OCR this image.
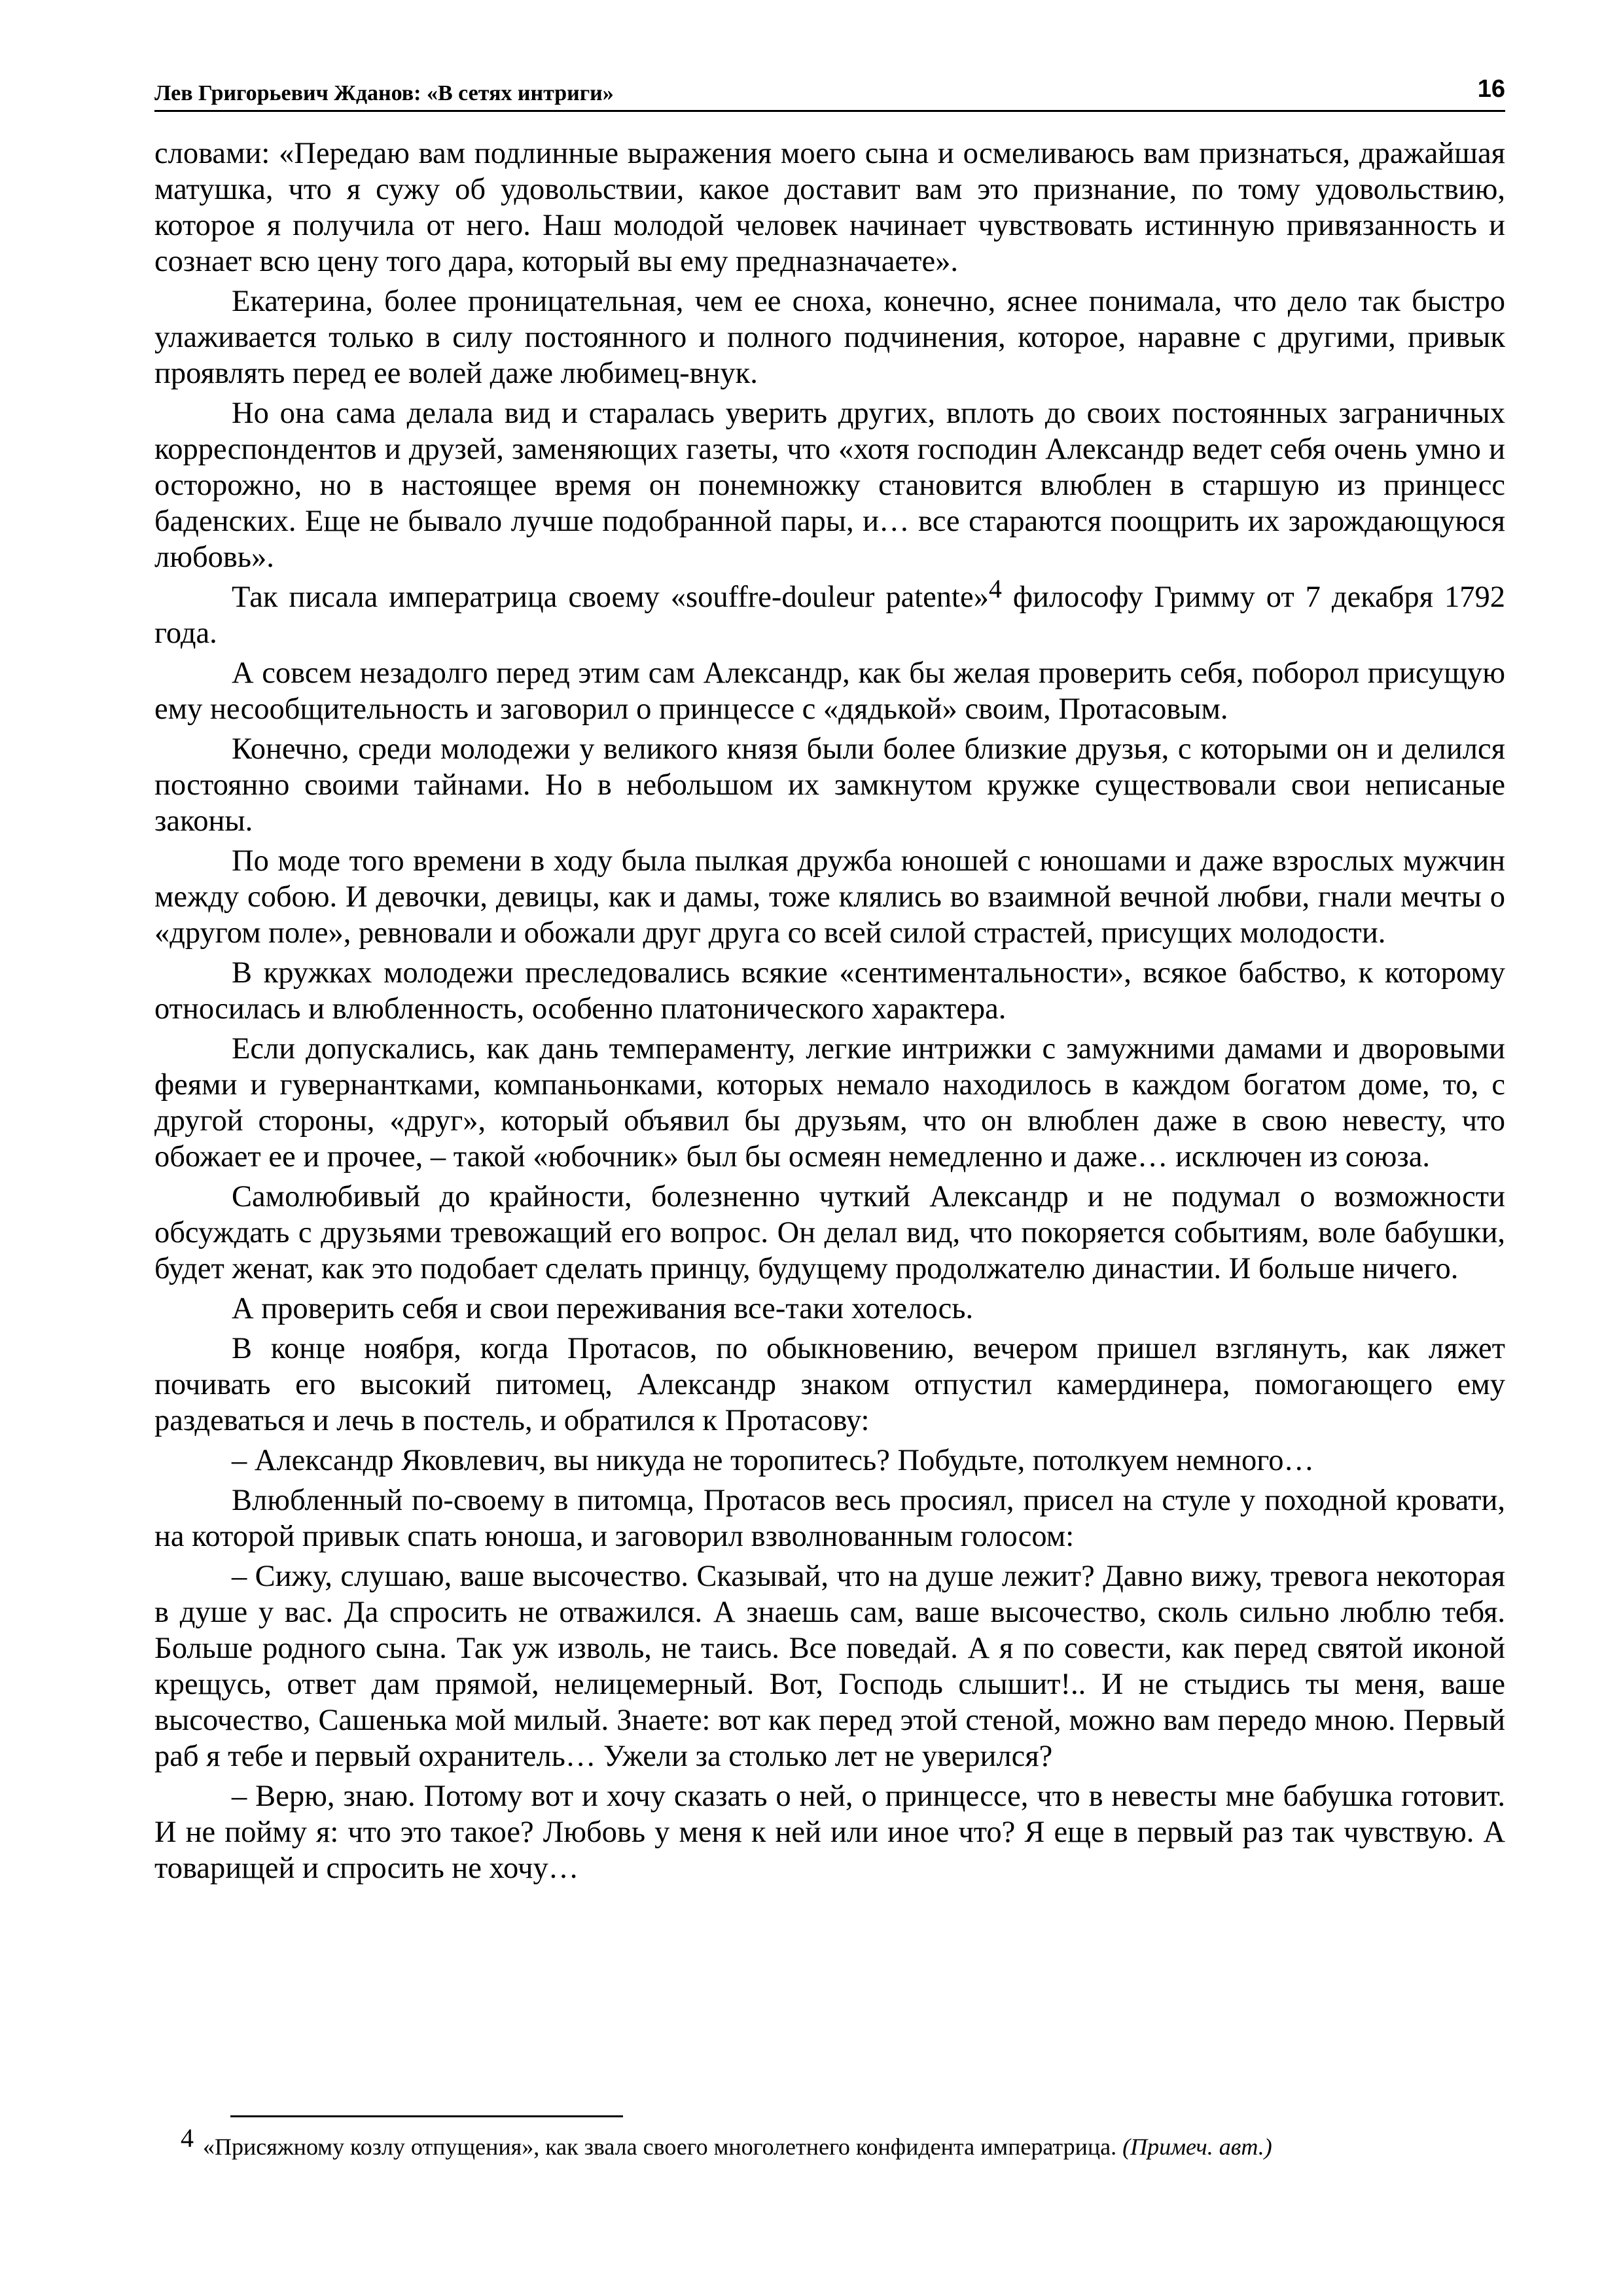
Лев Григорьевич Жданов: «В сетях интриги»	16

словами: «Передаю вам подлинные выражения моего сына и осмеливаюсь вам признаться, дражайшая матушка, что я сужу об удовольствии, какое доставит вам это признание, по тому удовольствию, которое я получила от него. Наш молодой человек начинает чувствовать истинную привязанность и сознает всю цену того дара, который вы ему предназначаете».

Екатерина, более проницательная, чем ее сноха, конечно, яснее понимала, что дело так быстро улаживается только в силу постоянного и полного подчинения, которое, наравне с другими, привык проявлять перед ее волей даже любимец-внук.

Но она сама делала вид и старалась уверить других, вплоть до своих постоянных заграничных корреспондентов и друзей, заменяющих газеты, что «хотя господин Александр ведет себя очень умно и осторожно, но в настоящее время он понемножку становится влюблен в старшую из принцесс баденских. Еще не бывало лучше подобранной пары, и… все стараются поощрить их зарождающуюся любовь».

Так писала императрица своему «souffre-douleur patente»$^4$ философу Гримму от 7 декабря 1792 года.

А совсем незадолго перед этим сам Александр, как бы желая проверить себя, поборол присущую ему несообщительность и заговорил о принцессе с «дядькой» своим, Протасовым.

Конечно, среди молодежи у великого князя были более близкие друзья, с которыми он и делился постоянно своими тайнами. Но в небольшом их замкнутом кружке существовали свои неписаные законы.

По моде того времени в ходу была пылкая дружба юношей с юношами и даже взрослых мужчин между собою. И девочки, девицы, как и дамы, тоже клялись во взаимной вечной любви, гнали мечты о «другом поле», ревновали и обожали друг друга со всей силой страстей, присущих молодости.

В кружках молодежи преследовались всякие «сентиментальности», всякое бабство, к которому относилась и влюбленность, особенно платонического характера.

Если допускались, как дань темпераменту, легкие интрижки с замужними дамами и дворовыми феями и гувернантками, компаньонками, которых немало находилось в каждом богатом доме, то, с другой стороны, «друг», который объявил бы друзьям, что он влюблен даже в свою невесту, что обожает ее и прочее, – такой «юбочник» был бы осмеян немедленно и даже… исключен из союза.

Самолюбивый до крайности, болезненно чуткий Александр и не подумал о возможности обсуждать с друзьями тревожащий его вопрос. Он делал вид, что покоряется событиям, воле бабушки, будет женат, как это подобает сделать принцу, будущему продолжателю династии. И больше ничего.

А проверить себя и свои переживания все-таки хотелось.

В конце ноября, когда Протасов, по обыкновению, вечером пришел взглянуть, как ляжет почивать его высокий питомец, Александр знаком отпустил камердинера, помогающего ему раздеваться и лечь в постель, и обратился к Протасову:

– Александр Яковлевич, вы никуда не торопитесь? Побудьте, потолкуем немного…

Влюбленный по-своему в питомца, Протасов весь просиял, присел на стуле у походной кровати, на которой привык спать юноша, и заговорил взволнованным голосом:

– Сижу, слушаю, ваше высочество. Сказывай, что на душе лежит? Давно вижу, тревога некоторая в душе у вас. Да спросить не отважился. А знаешь сам, ваше высочество, сколь сильно люблю тебя. Больше родного сына. Так уж изволь, не таись. Все поведай. А я по совести, как перед святой иконой крещусь, ответ дам прямой, нелицемерный. Вот, Господь слышит!.. И не стыдись ты меня, ваше высочество, Сашенька мой милый. Знаете: вот как перед этой стеной, можно вам передо мною. Первый раб я тебе и первый охранитель… Ужели за столько лет не уверился?

– Верю, знаю. Потому вот и хочу сказать о ней, о принцессе, что в невесты мне бабушка готовит. И не пойму я: что это такое? Любовь у меня к ней или иное что? Я еще в первый раз так чувствую. А товарищей и спросить не хочу…

$^4$ «Присяжному козлу отпущения», как звала своего многолетнего конфидента императрица. (Примеч. авт.)
